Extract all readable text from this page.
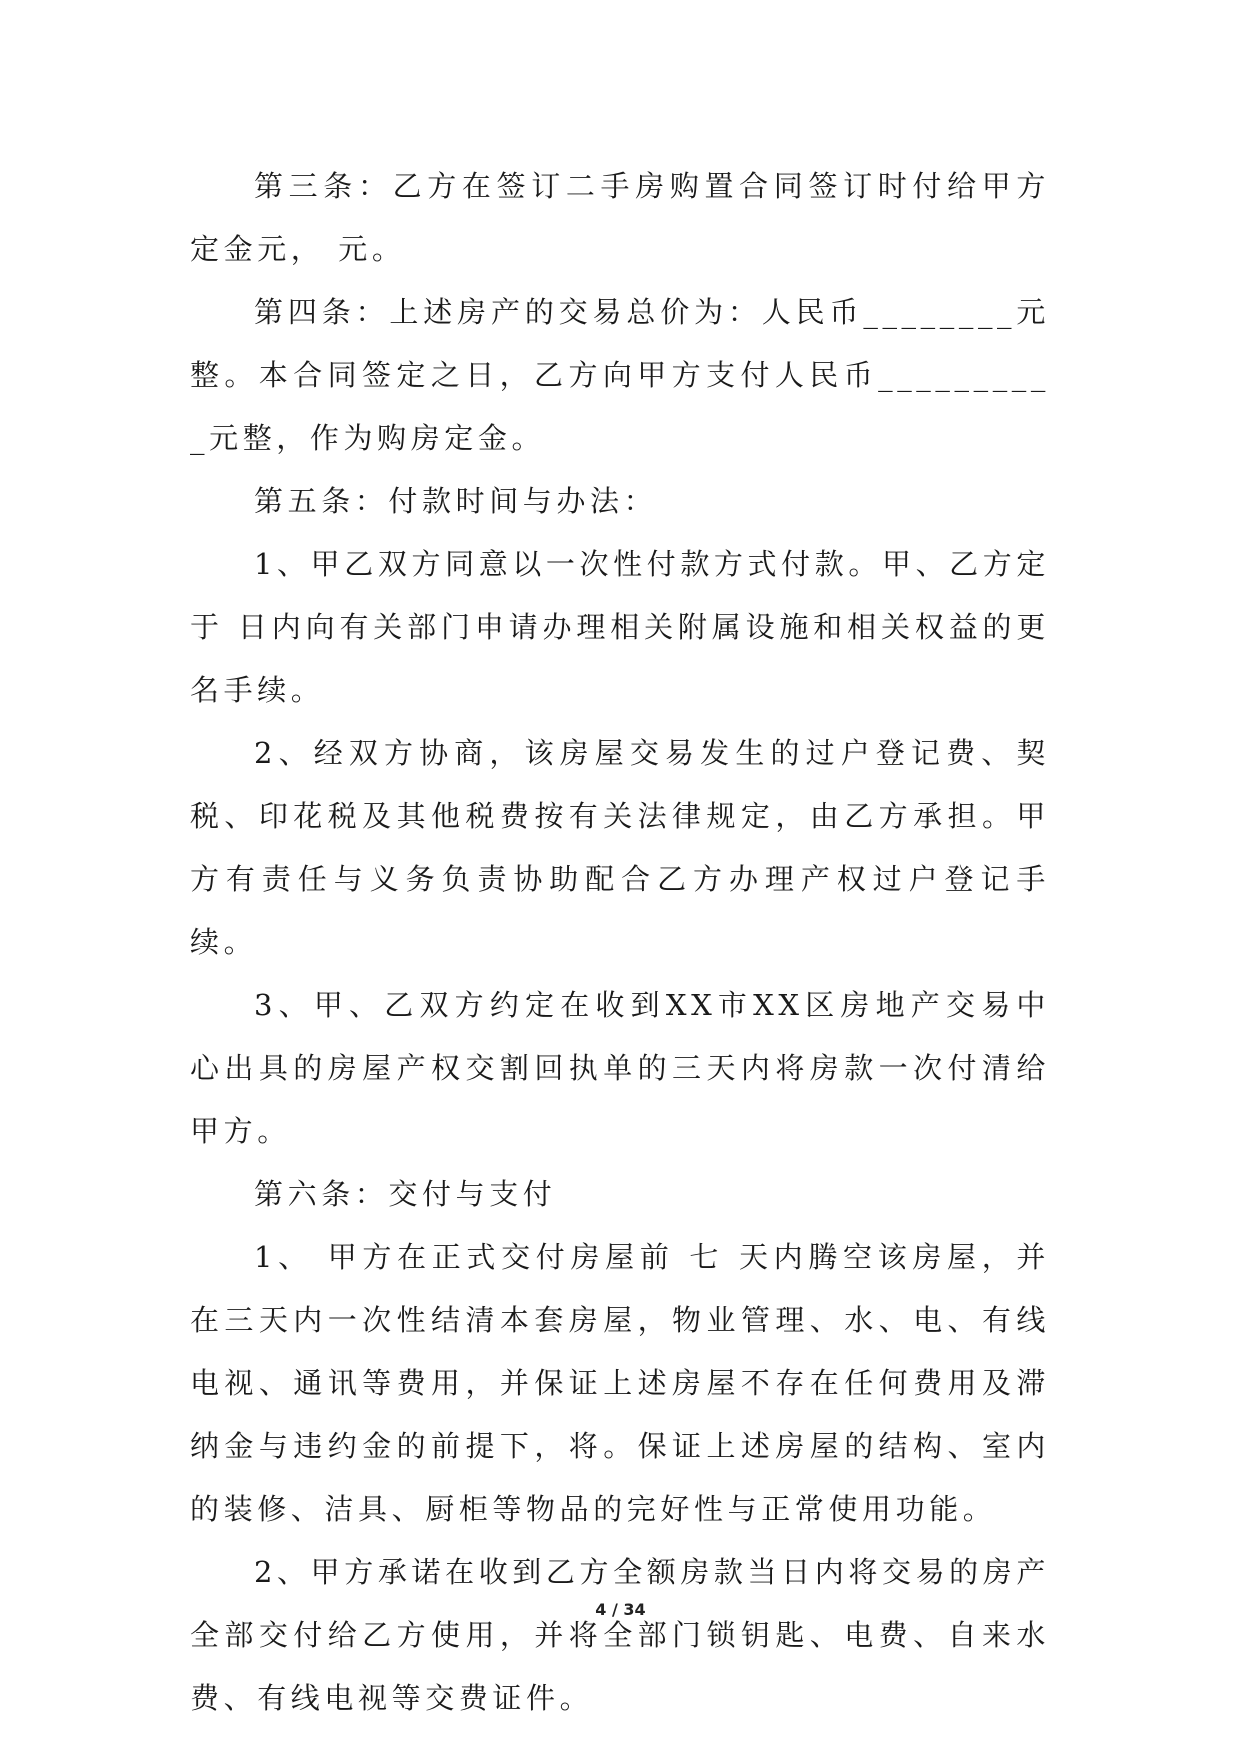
第三条：乙方在签订二手房购置合同签订时付给甲方定金元， 元。

第四条：上述房产的交易总价为：人民币________元整。本合同签定之日，乙方向甲方支付人民币__________元整，作为购房定金。

第五条：付款时间与办法：

1、甲乙双方同意以一次性付款方式付款。甲、乙方定于 日内向有关部门申请办理相关附属设施和相关权益的更名手续。

2、经双方协商，该房屋交易发生的过户登记费、契税、印花税及其他税费按有关法律规定，由乙方承担。甲方有责任与义务负责协助配合乙方办理产权过户登记手续。

3、甲、乙双方约定在收到XX市XX区房地产交易中心出具的房屋产权交割回执单的三天内将房款一次付清给甲方。

第六条：交付与支付

1、 甲方在正式交付房屋前 七 天内腾空该房屋，并在三天内一次性结清本套房屋，物业管理、水、电、有线电视、通讯等费用，并保证上述房屋不存在任何费用及滞纳金与违约金的前提下，将。保证上述房屋的结构、室内的装修、洁具、厨柜等物品的完好性与正常使用功能。

2、甲方承诺在收到乙方全额房款当日内将交易的房产全部交付给乙方使用，并将全部门锁钥匙、电费、自来水费、有线电视等交费证件。

4 / 34
